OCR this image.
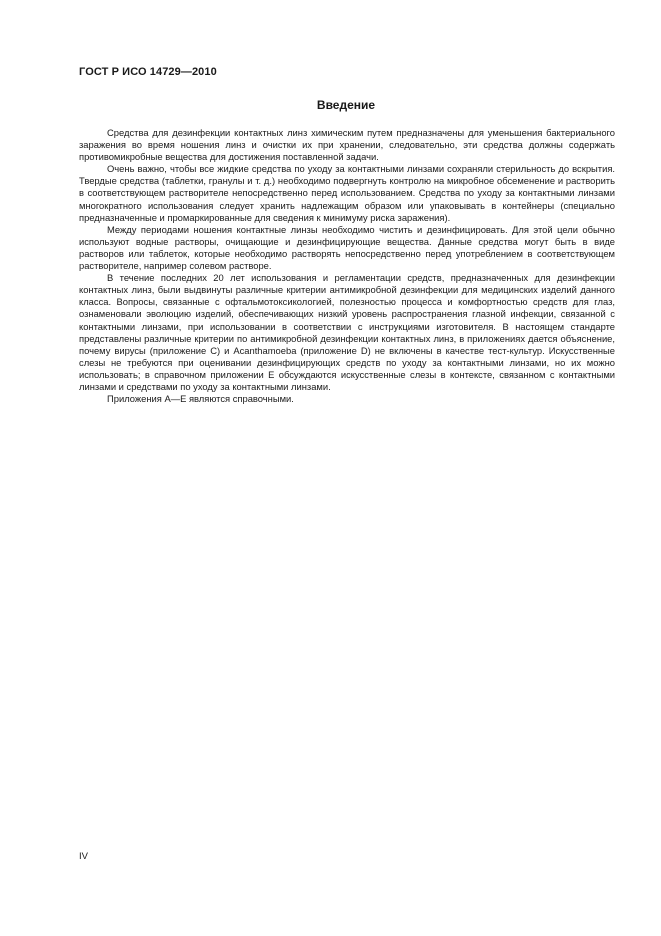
ГОСТ Р ИСО 14729—2010
Введение

Средства для дезинфекции контактных линз химическим путем предназначены для уменьшения бактериального заражения во время ношения линз и очистки их при хранении, следовательно, эти средства должны содержать противомикробные вещества для достижения поставленной задачи.

Очень важно, чтобы все жидкие средства по уходу за контактными линзами сохраняли стерильность до вскрытия. Твердые средства (таблетки, гранулы и т. д.) необходимо подвергнуть контролю на микробное обсеменение и растворить в соответствующем растворителе непосредственно перед использованием. Средства по уходу за контактными линзами многократного использования следует хранить надлежащим образом или упаковывать в контейнеры (специально предназначенные и промаркированные для сведения к минимуму риска заражения).

Между периодами ношения контактные линзы необходимо чистить и дезинфицировать. Для этой цели обычно используют водные растворы, очищающие и дезинфицирующие вещества. Данные средства могут быть в виде растворов или таблеток, которые необходимо растворять непосредственно перед употреблением в соответствующем растворителе, например солевом растворе.

В течение последних 20 лет использования и регламентации средств, предназначенных для дезинфекции контактных линз, были выдвинуты различные критерии антимикробной дезинфекции для медицинских изделий данного класса. Вопросы, связанные с офтальмотоксикологией, полезностью процесса и комфортностью средств для глаз, ознаменовали эволюцию изделий, обеспечивающих низкий уровень распространения глазной инфекции, связанной с контактными линзами, при использовании в соответствии с инструкциями изготовителя. В настоящем стандарте представлены различные критерии по антимикробной дезинфекции контактных линз, в приложениях дается объяснение, почему вирусы (приложение C) и Acanthamoeba (приложение D) не включены в качестве тест-культур. Искусственные слезы не требуются при оценивании дезинфицирующих средств по уходу за контактными линзами, но их можно использовать; в справочном приложении E обсуждаются искусственные слезы в контексте, связанном с контактными линзами и средствами по уходу за контактными линзами.

Приложения A—E являются справочными.

IV
